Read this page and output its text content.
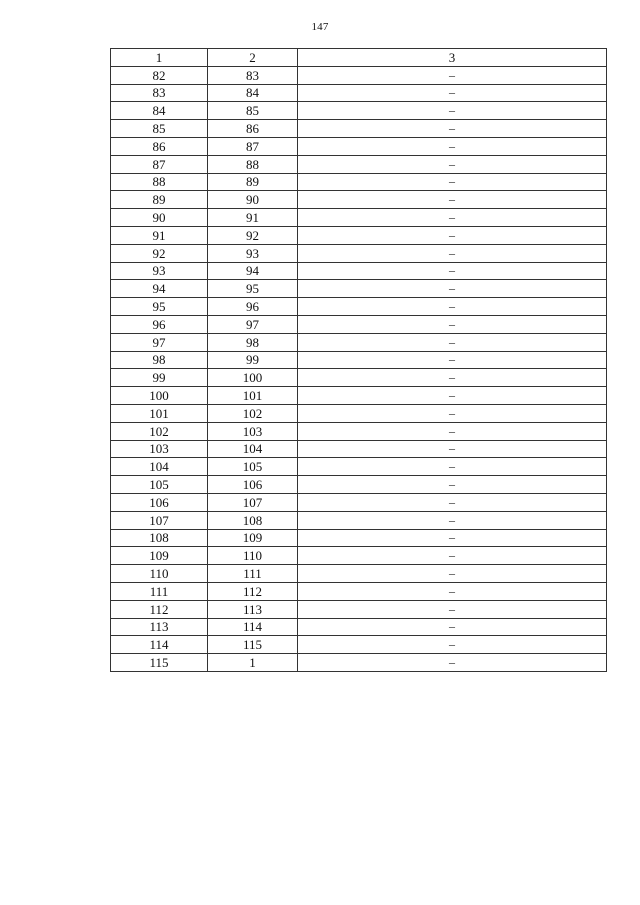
147
1	2	3
82	83	–
83	84	–
84	85	–
85	86	–
86	87	–
87	88	–
88	89	–
89	90	–
90	91	–
91	92	–
92	93	–
93	94	–
94	95	–
95	96	–
96	97	–
97	98	–
98	99	–
99	100	–
100	101	–
101	102	–
102	103	–
103	104	–
104	105	–
105	106	–
106	107	–
107	108	–
108	109	–
109	110	–
110	111	–
111	112	–
112	113	–
113	114	–
114	115	–
115	1	–
